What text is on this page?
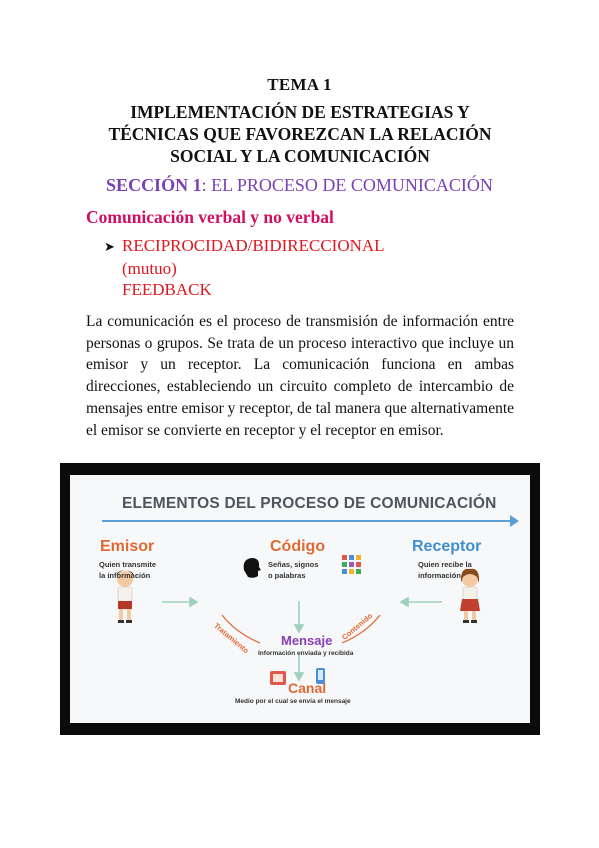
TEMA 1
IMPLEMENTACIÓN DE ESTRATEGIAS Y
TÉCNICAS QUE FAVOREZCAN LA RELACIÓN
SOCIAL Y LA COMUNICACIÓN
SECCIÓN 1: EL PROCESO DE COMUNICACIÓN
Comunicación verbal y no verbal
➤ RECIPROCIDAD/BIDIRECCIONAL
(mutuo)
FEEDBACK

La comunicación es el proceso de transmisión de información entre personas o grupos. Se trata de un proceso interactivo que incluye un emisor y un receptor. La comunicación funciona en ambas direcciones, estableciendo un circuito completo de intercambio de mensajes entre emisor y receptor, de tal manera que alternativamente el emisor se convierte en receptor y el receptor en emisor.

ELEMENTOS DEL PROCESO DE COMUNICACIÓN
Emisor
Quien transmite
la información
Código
Señas, signos
o palabras
Receptor
Quien recibe la
información
Tratamiento	Contenido
Mensaje
Información enviada y recibida
Canal
Medio por el cual se envía el mensaje
